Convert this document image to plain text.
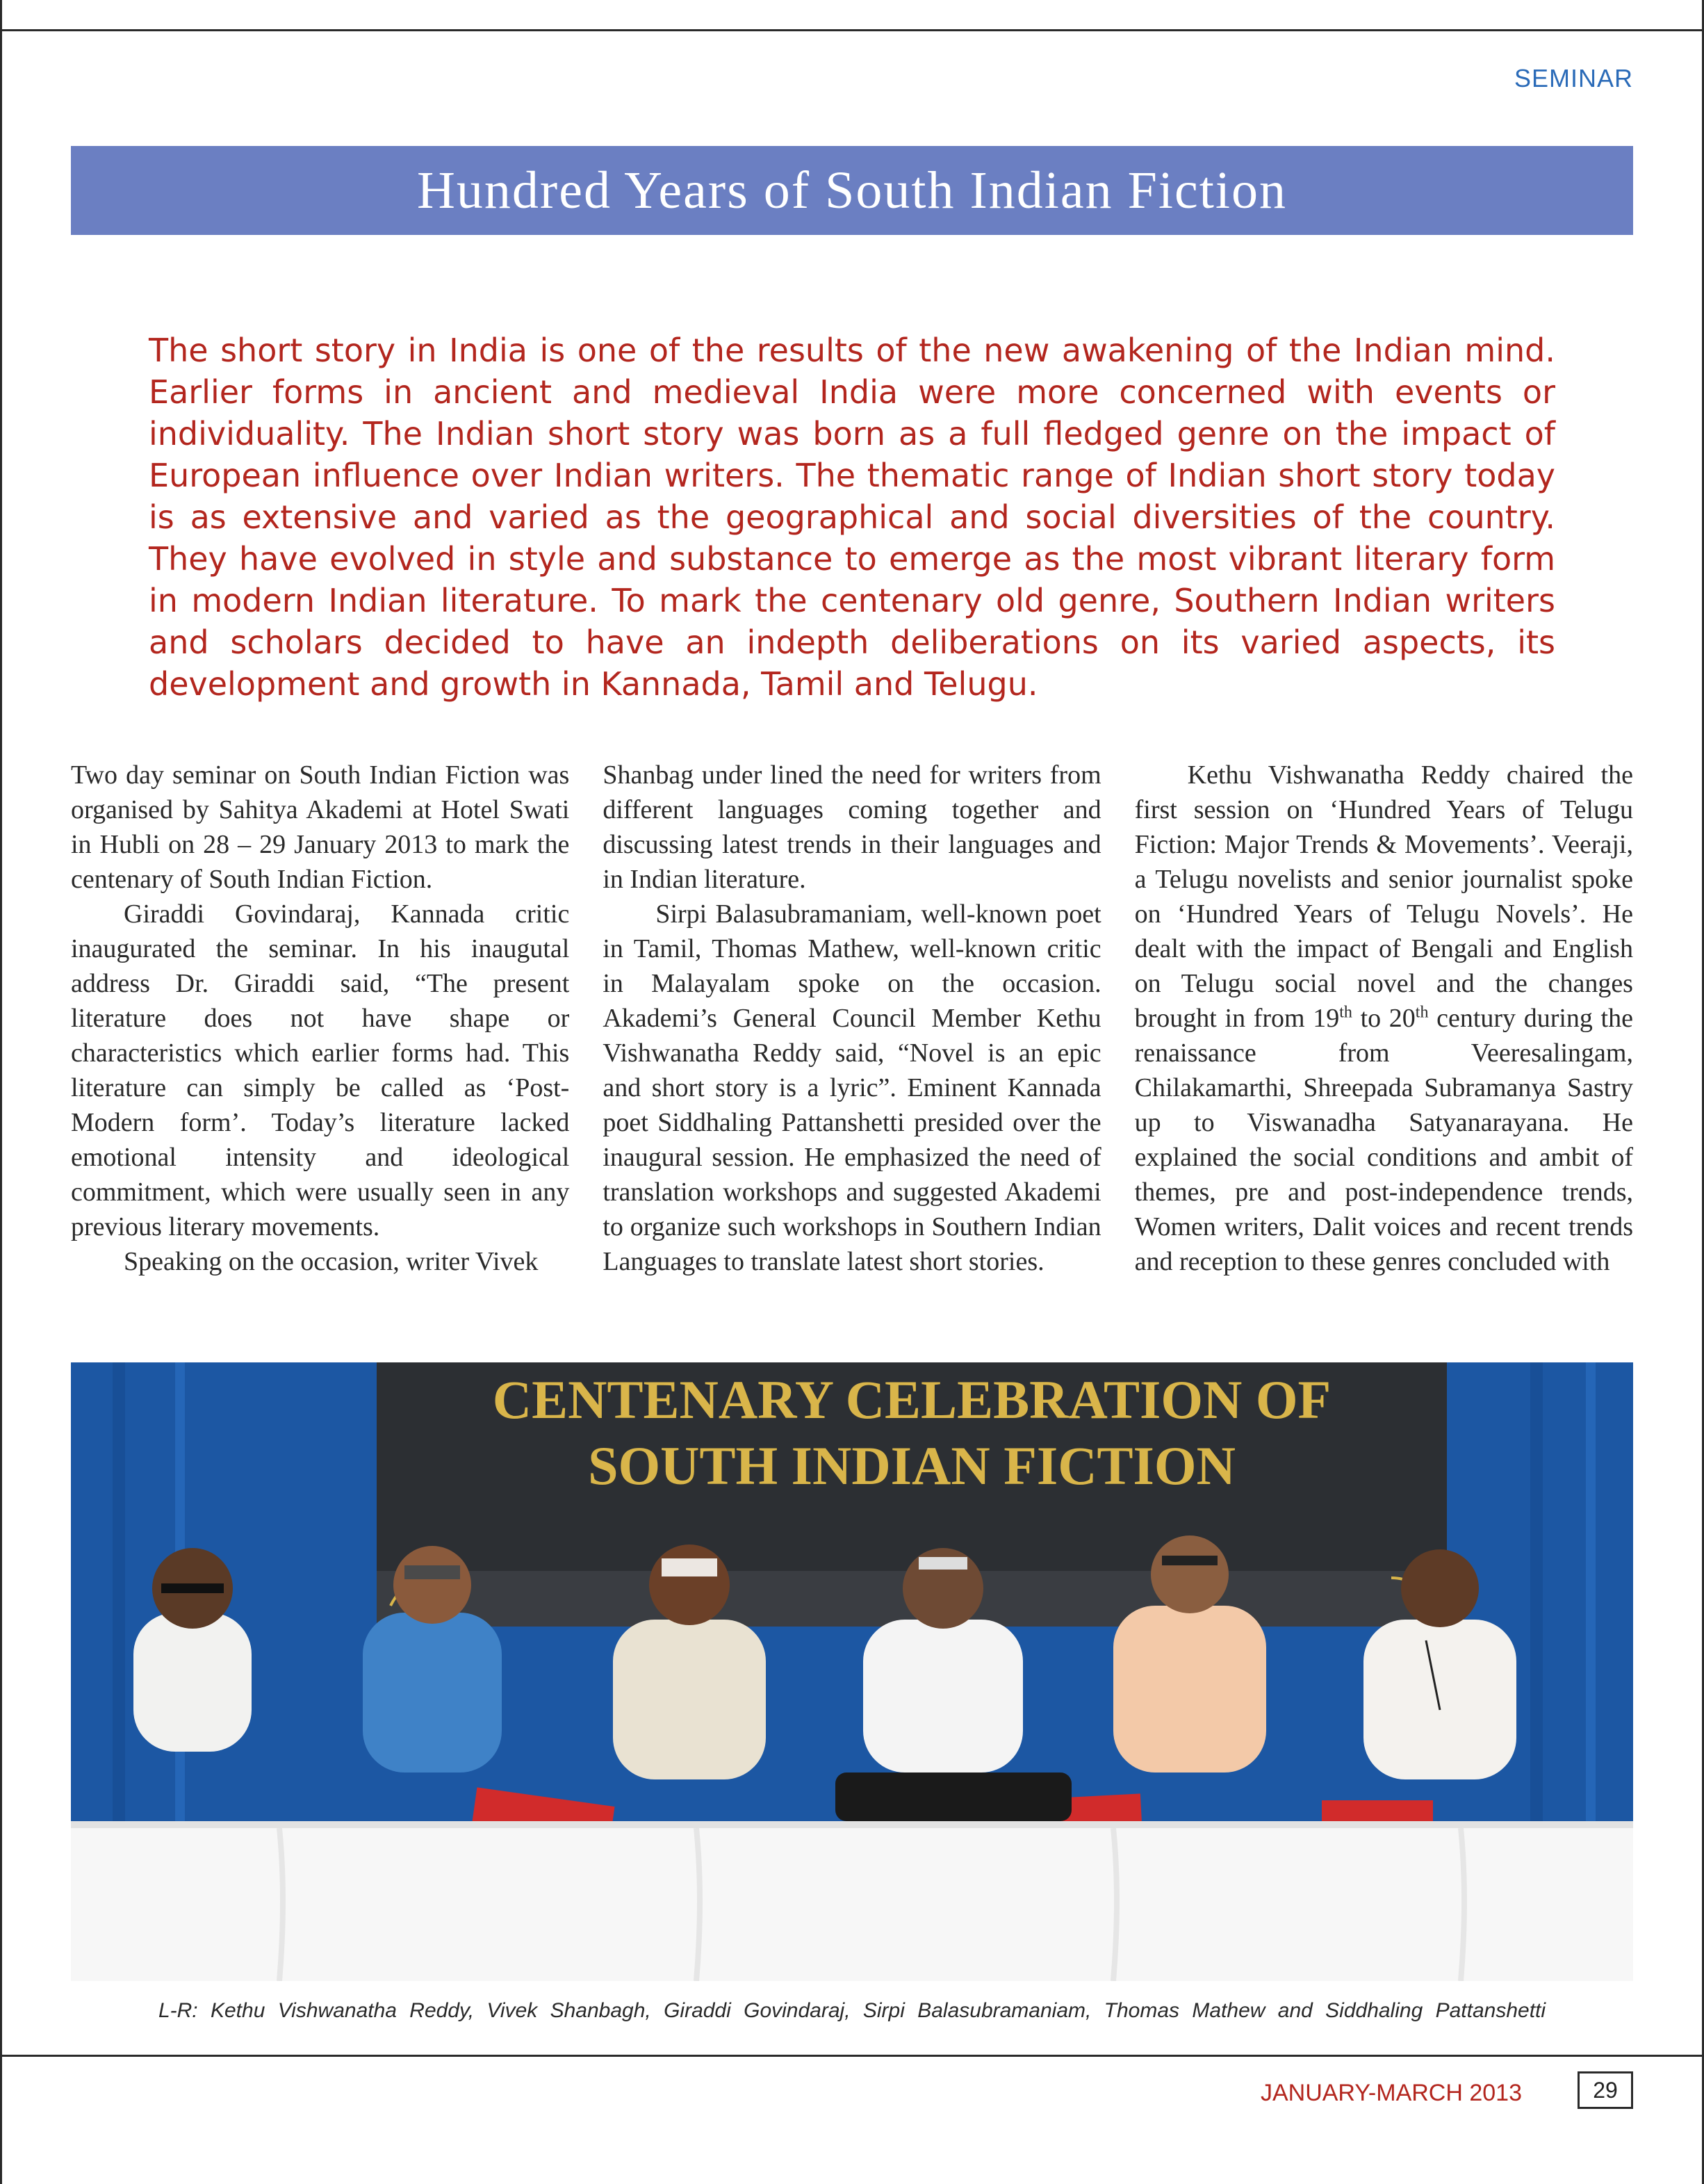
SEMINAR
Hundred Years of South Indian Fiction

The short story in India is one of the results of the new awakening of the Indian mind. Earlier forms in ancient and medieval India were more concerned with events or individuality. The Indian short story was born as a full fledged genre on the impact of European influence over Indian writers. The thematic range of Indian short story today is as extensive and varied as the geographical and social diversities of the country. They have evolved in style and substance to emerge as the most vibrant literary form in modern Indian literature. To mark the centenary old genre, Southern Indian writers and scholars decided to have an indepth deliberations on its varied aspects, its development and growth in Kannada, Tamil and Telugu.

Two day seminar on South Indian Fiction was organised by Sahitya Akademi at Hotel Swati in Hubli on 28 – 29 January 2013 to mark the centenary of South Indian Fiction.

Giraddi Govindaraj, Kannada critic inaugurated the seminar. In his inaugutal address Dr. Giraddi said, “The present literature does not have shape or characteristics which earlier forms had. This literature can simply be called as ‘Post-Modern form’. Today’s literature lacked emotional intensity and ideological commitment, which were usually seen in any previous literary movements.

Speaking on the occasion, writer Vivek

Shanbag under lined the need for writers from different languages coming together and discussing latest trends in their languages and in Indian literature.

Sirpi Balasubramaniam, well-known poet in Tamil, Thomas Mathew, well-known critic in Malayalam spoke on the occasion. Akademi’s General Council Member Kethu Vishwanatha Reddy said, “Novel is an epic and short story is a lyric”. Eminent Kannada poet Siddhaling Pattanshetti presided over the inaugural session. He emphasized the need of translation workshops and suggested Akademi to organize such workshops in Southern Indian Languages to translate latest short stories.

Kethu Vishwanatha Reddy chaired the first session on ‘Hundred Years of Telugu Fiction: Major Trends & Movements’. Veeraji, a Telugu novelists and senior journalist spoke on ‘Hundred Years of Telugu Novels’. He dealt with the impact of Bengali and English on Telugu social novel and the changes brought in from 19th to 20th century during the renaissance from Veeresalingam, Chilakamarthi, Shreepada Subramanya Sastry up to Viswanadha Satyanarayana. He explained the social conditions and ambit of themes, pre and post-independence trends, Women writers, Dalit voices and recent trends and reception to these genres concluded with

CENTENARY CELEBRATION OF
SOUTH INDIAN FICTION
L-R: Kethu Vishwanatha Reddy, Vivek Shanbagh, Giraddi Govindaraj, Sirpi Balasubramaniam, Thomas Mathew and Siddhaling Pattanshetti
JANUARY-MARCH 2013	29
